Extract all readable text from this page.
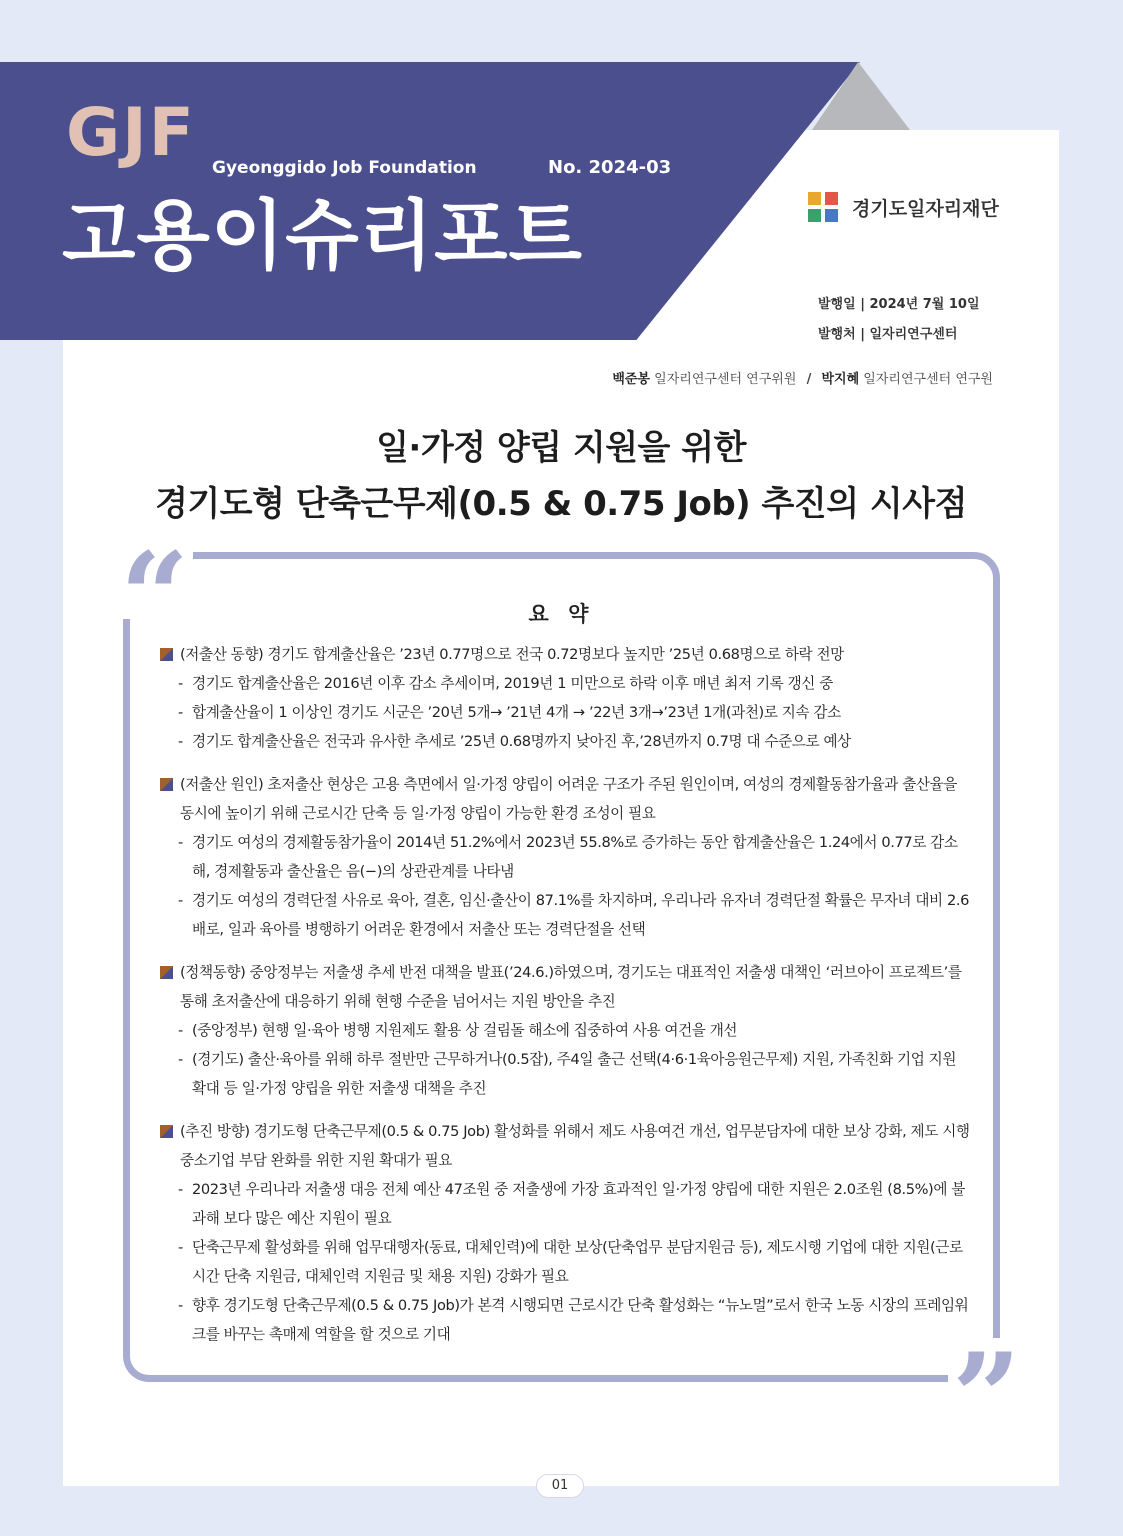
GJF Gyeonggido Job Foundation	No. 2024-03
고용이슈리포트	경기도일자리재단
발행일 | 2024년 7월 10일
발행처 | 일자리연구센터
백준봉 일자리연구센터 연구위원 / 박지혜 일자리연구센터 연구원
일·가정 양립 지원을 위한
경기도형 단축근무제(0.5 & 0.75 Job) 추진의 시사점
“
”
요 약
(저출산 동향) 경기도 합계출산율은 ’23년 0.77명으로 전국 0.72명보다 높지만 ’25년 0.68명으로 하락 전망
- 경기도 합계출산율은 2016년 이후 감소 추세이며, 2019년 1 미만으로 하락 이후 매년 최저 기록 갱신 중
- 합계출산율이 1 이상인 경기도 시군은 ’20년 5개→ ’21년 4개 → ’22년 3개→’23년 1개(과천)로 지속 감소
- 경기도 합계출산율은 전국과 유사한 추세로 ’25년 0.68명까지 낮아진 후,’28년까지 0.7명 대 수준으로 예상
(저출산 원인) 초저출산 현상은 고용 측면에서 일·가정 양립이 어려운 구조가 주된 원인이며, 여성의 경제활동참가율과 출산율을 동시에 높이기 위해 근로시간 단축 등 일·가정 양립이 가능한 환경 조성이 필요
- 경기도 여성의 경제활동참가율이 2014년 51.2%에서 2023년 55.8%로 증가하는 동안 합계출산율은 1.24에서 0.77로 감소해, 경제활동과 출산율은 음(−)의 상관관계를 나타냄
- 경기도 여성의 경력단절 사유로 육아, 결혼, 임신·출산이 87.1%를 차지하며, 우리나라 유자녀 경력단절 확률은 무자녀 대비 2.6배로, 일과 육아를 병행하기 어려운 환경에서 저출산 또는 경력단절을 선택
(정책동향) 중앙정부는 저출생 추세 반전 대책을 발표(’24.6.)하였으며, 경기도는 대표적인 저출생 대책인 ‘러브아이 프로젝트’를 통해 초저출산에 대응하기 위해 현행 수준을 넘어서는 지원 방안을 추진
- (중앙정부) 현행 일·육아 병행 지원제도 활용 상 걸림돌 해소에 집중하여 사용 여건을 개선
- (경기도) 출산·육아를 위해 하루 절반만 근무하거나(0.5잡), 주4일 출근 선택(4·6·1육아응원근무제) 지원, 가족친화 기업 지원 확대 등 일·가정 양립을 위한 저출생 대책을 추진
(추진 방향) 경기도형 단축근무제(0.5 & 0.75 Job) 활성화를 위해서 제도 사용여건 개선, 업무분담자에 대한 보상 강화, 제도 시행 중소기업 부담 완화를 위한 지원 확대가 필요
- 2023년 우리나라 저출생 대응 전체 예산 47조원 중 저출생에 가장 효과적인 일·가정 양립에 대한 지원은 2.0조원 (8.5%)에 불과해 보다 많은 예산 지원이 필요
- 단축근무제 활성화를 위해 업무대행자(동료, 대체인력)에 대한 보상(단축업무 분담지원금 등), 제도시행 기업에 대한 지원(근로시간 단축 지원금, 대체인력 지원금 및 채용 지원) 강화가 필요
- 향후 경기도형 단축근무제(0.5 & 0.75 Job)가 본격 시행되면 근로시간 단축 활성화는 “뉴노멀”로서 한국 노동 시장의 프레임워크를 바꾸는 촉매제 역할을 할 것으로 기대
01
